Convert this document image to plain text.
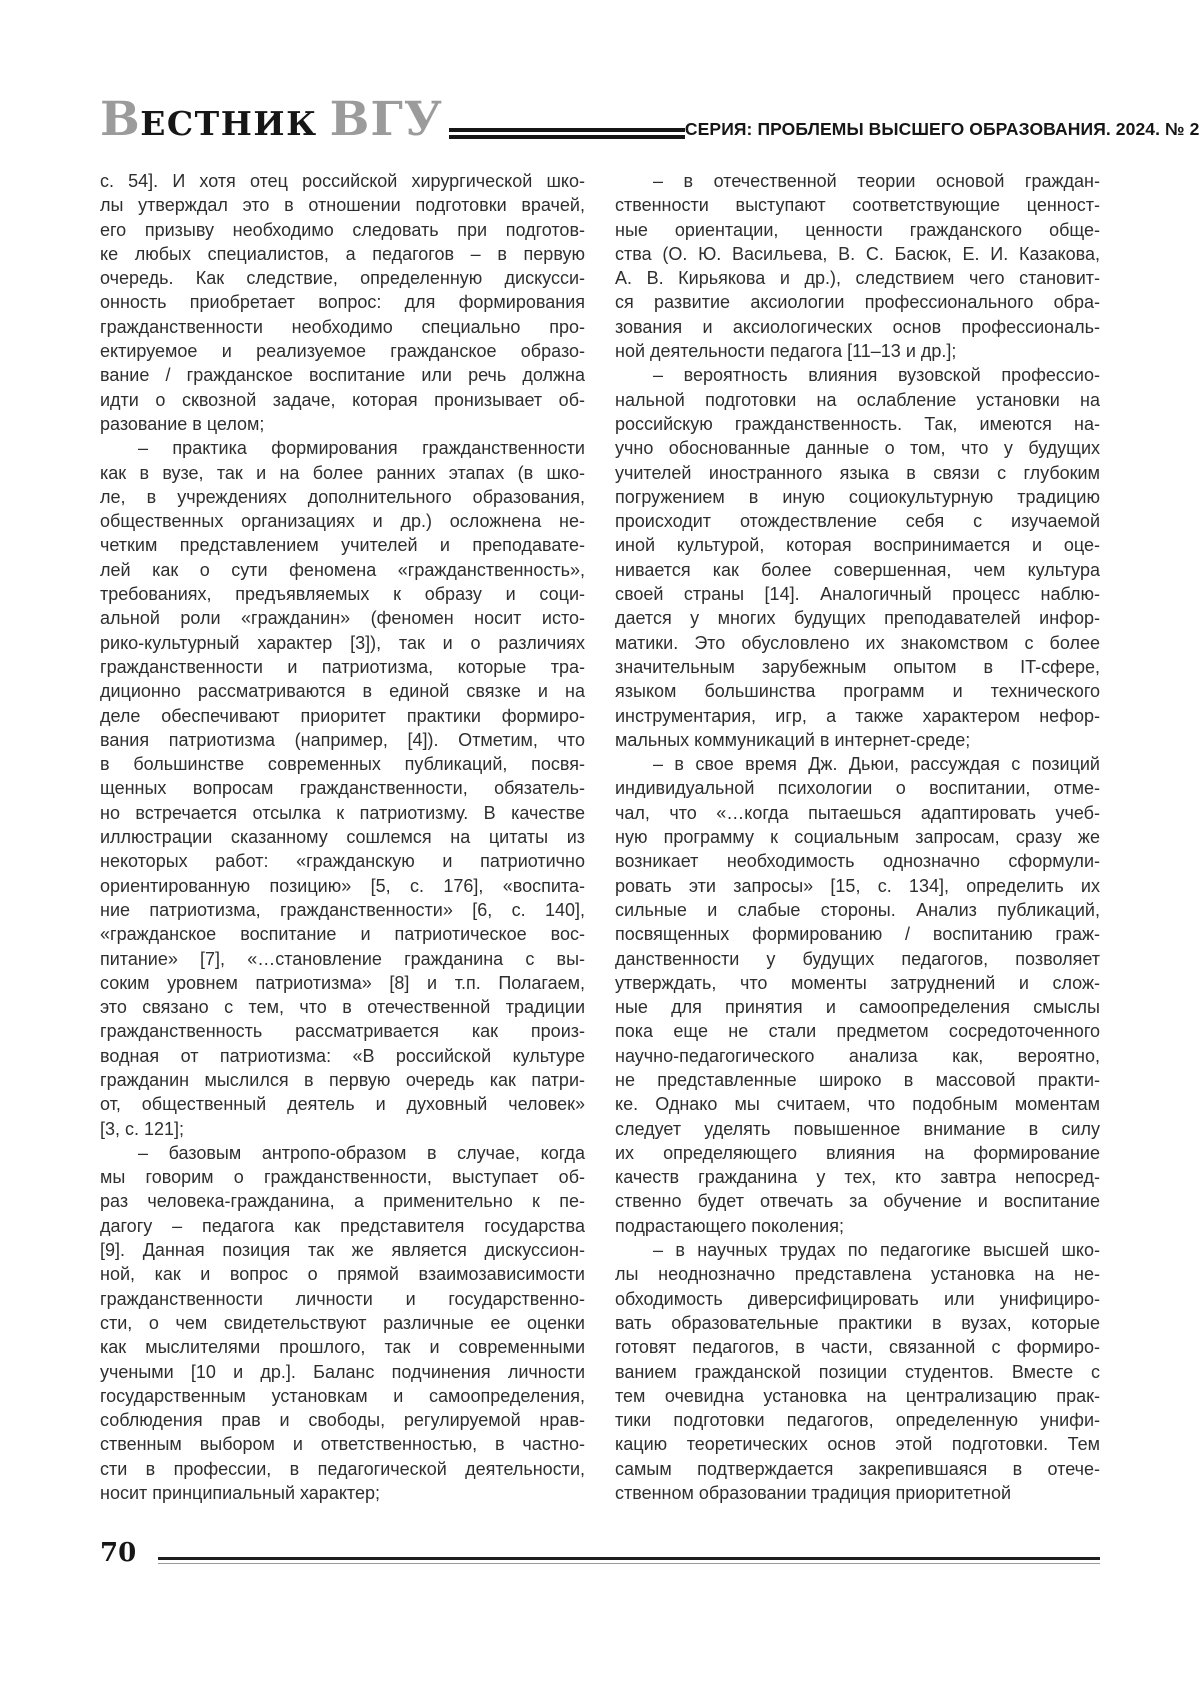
ВЕСТНИК ВГУ	СЕРИЯ: ПРОБЛЕМЫ ВЫСШЕГО ОБРАЗОВАНИЯ. 2024. № 2
с. 54]. И хотя отец российской хирургической шко-
лы утверждал это в отношении подготовки врачей,
его призыву необходимо следовать при подготов-
ке любых специалистов, а педагогов – в первую
очередь. Как следствие, определенную дискусси-
онность приобретает вопрос: для формирования
гражданственности необходимо специально про-
ектируемое и реализуемое гражданское образо-
вание / гражданское воспитание или речь должна
идти о сквозной задаче, которая пронизывает об-
разование в целом;
– практика формирования гражданственности
как в вузе, так и на более ранних этапах (в шко-
ле, в учреждениях дополнительного образования,
общественных организациях и др.) осложнена не-
четким представлением учителей и преподавате-
лей как о сути феномена «гражданственность»,
требованиях, предъявляемых к образу и соци-
альной роли «гражданин» (феномен носит исто-
рико-культурный характер [3]), так и о различиях
гражданственности и патриотизма, которые тра-
диционно рассматриваются в единой связке и на
деле обеспечивают приоритет практики формиро-
вания патриотизма (например, [4]). Отметим, что
в большинстве современных публикаций, посвя-
щенных вопросам гражданственности, обязатель-
но встречается отсылка к патриотизму. В качестве
иллюстрации сказанному сошлемся на цитаты из
некоторых работ: «гражданскую и патриотично
ориентированную позицию» [5, с. 176], «воспита-
ние патриотизма, гражданственности» [6, с. 140],
«гражданское воспитание и патриотическое вос-
питание» [7], «…становление гражданина с вы-
соким уровнем патриотизма» [8] и т.п. Полагаем,
это связано с тем, что в отечественной традиции
гражданственность рассматривается как произ-
водная от патриотизма: «В российской культуре
гражданин мыслился в первую очередь как патри-
от, общественный деятель и духовный человек»
[3, с. 121];
– базовым антропо-образом в случае, когда
мы говорим о гражданственности, выступает об-
раз человека-гражданина, а применительно к пе-
дагогу – педагога как представителя государства
[9]. Данная позиция так же является дискуссион-
ной, как и вопрос о прямой взаимозависимости
гражданственности личности и государственно-
сти, о чем свидетельствуют различные ее оценки
как мыслителями прошлого, так и современными
учеными [10 и др.]. Баланс подчинения личности
государственным установкам и самоопределения,
соблюдения прав и свободы, регулируемой нрав-
ственным выбором и ответственностью, в частно-
сти в профессии, в педагогической деятельности,
носит принципиальный характер;
– в отечественной теории основой граждан-
ственности выступают соответствующие ценност-
ные ориентации, ценности гражданского обще-
ства (О. Ю. Васильева, В. С. Басюк, Е. И. Казакова,
А. В. Кирьякова и др.), следствием чего становит-
ся развитие аксиологии профессионального обра-
зования и аксиологических основ профессиональ-
ной деятельности педагога [11–13 и др.];
– вероятность влияния вузовской профессио-
нальной подготовки на ослабление установки на
российскую гражданственность. Так, имеются на-
учно обоснованные данные о том, что у будущих
учителей иностранного языка в связи с глубоким
погружением в иную социокультурную традицию
происходит отождествление себя с изучаемой
иной культурой, которая воспринимается и оце-
нивается как более совершенная, чем культура
своей страны [14]. Аналогичный процесс наблю-
дается у многих будущих преподавателей инфор-
матики. Это обусловлено их знакомством с более
значительным зарубежным опытом в IT-сфере,
языком большинства программ и технического
инструментария, игр, а также характером нефор-
мальных коммуникаций в интернет-среде;
– в свое время Дж. Дьюи, рассуждая с позиций
индивидуальной психологии о воспитании, отме-
чал, что «…когда пытаешься адаптировать учеб-
ную программу к социальным запросам, сразу же
возникает необходимость однозначно сформули-
ровать эти запросы» [15, с. 134], определить их
сильные и слабые стороны. Анализ публикаций,
посвященных формированию / воспитанию граж-
данственности у будущих педагогов, позволяет
утверждать, что моменты затруднений и слож-
ные для принятия и самоопределения смыслы
пока еще не стали предметом сосредоточенного
научно-педагогического анализа как, вероятно,
не представленные широко в массовой практи-
ке. Однако мы считаем, что подобным моментам
следует уделять повышенное внимание в силу
их определяющего влияния на формирование
качеств гражданина у тех, кто завтра непосред-
ственно будет отвечать за обучение и воспитание
подрастающего поколения;
– в научных трудах по педагогике высшей шко-
лы неоднозначно представлена установка на не-
обходимость диверсифицировать или унифициро-
вать образовательные практики в вузах, которые
готовят педагогов, в части, связанной с формиро-
ванием гражданской позиции студентов. Вместе с
тем очевидна установка на централизацию прак-
тики подготовки педагогов, определенную унифи-
кацию теоретических основ этой подготовки. Тем
самым подтверждается закрепившаяся в отече-
ственном образовании традиция приоритетной
70
